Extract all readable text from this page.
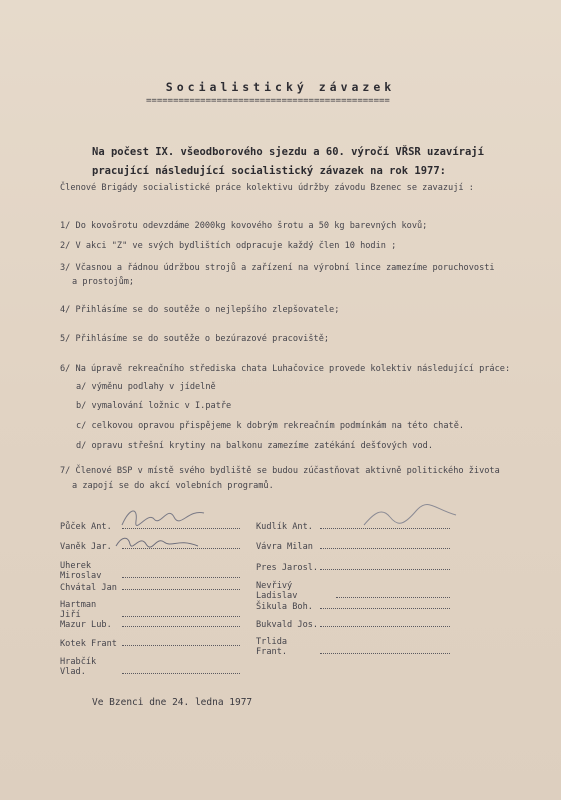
Socialistický závazek
=============================================
Na počest IX. všeodborového sjezdu a 60. výročí VŘSR uzavírají pracující následující socialistický závazek na rok 1977:
Členové Brigády socialistické práce kolektivu údržby závodu Bzenec se zavazují :
1/ Do kovošrotu odevzdáme 2000kg kovového šrotu a 50 kg barevných kovů;
2/ V akci "Z" ve svých bydlištích odpracuje každý člen 10 hodin ;
3/ Včasnou a řádnou údržbou strojů a zařízení na výrobní lince zamezíme poruchovosti
a prostojům;
4/ Přihlásíme se do soutěže o nejlepšího zlepšovatele;
5/ Přihlásíme se do soutěže o bezúrazové pracoviště;
6/ Na úpravě rekreačního střediska chata Luhačovice provede kolektiv následující práce:
a/ výměnu podlahy v jídelně
b/ vymalování ložnic v I.patře
c/ celkovou opravou přispějeme k dobrým rekreačním podmínkám na této chatě.
d/ opravu střešní krytiny na balkonu zamezíme zatékání dešťových vod.
7/ Členové BSP v místě svého bydliště se budou zúčastňovat aktivně politického života
a zapojí se do akcí volebních programů.
Půček Ant.
Vaněk Jar.
Uherek Miroslav
Chvátal Jan
Hartman Jiří
Mazur Lub.
Kotek Frant
Hrabčík Vlad.
Kudlík Ant.
Vávra Milan
Pres Jarosl.
Nevřivý Ladislav
Šikula Boh.
Bukvald Jos.
Trlida Frant.
Ve Bzenci dne 24. ledna 1977
